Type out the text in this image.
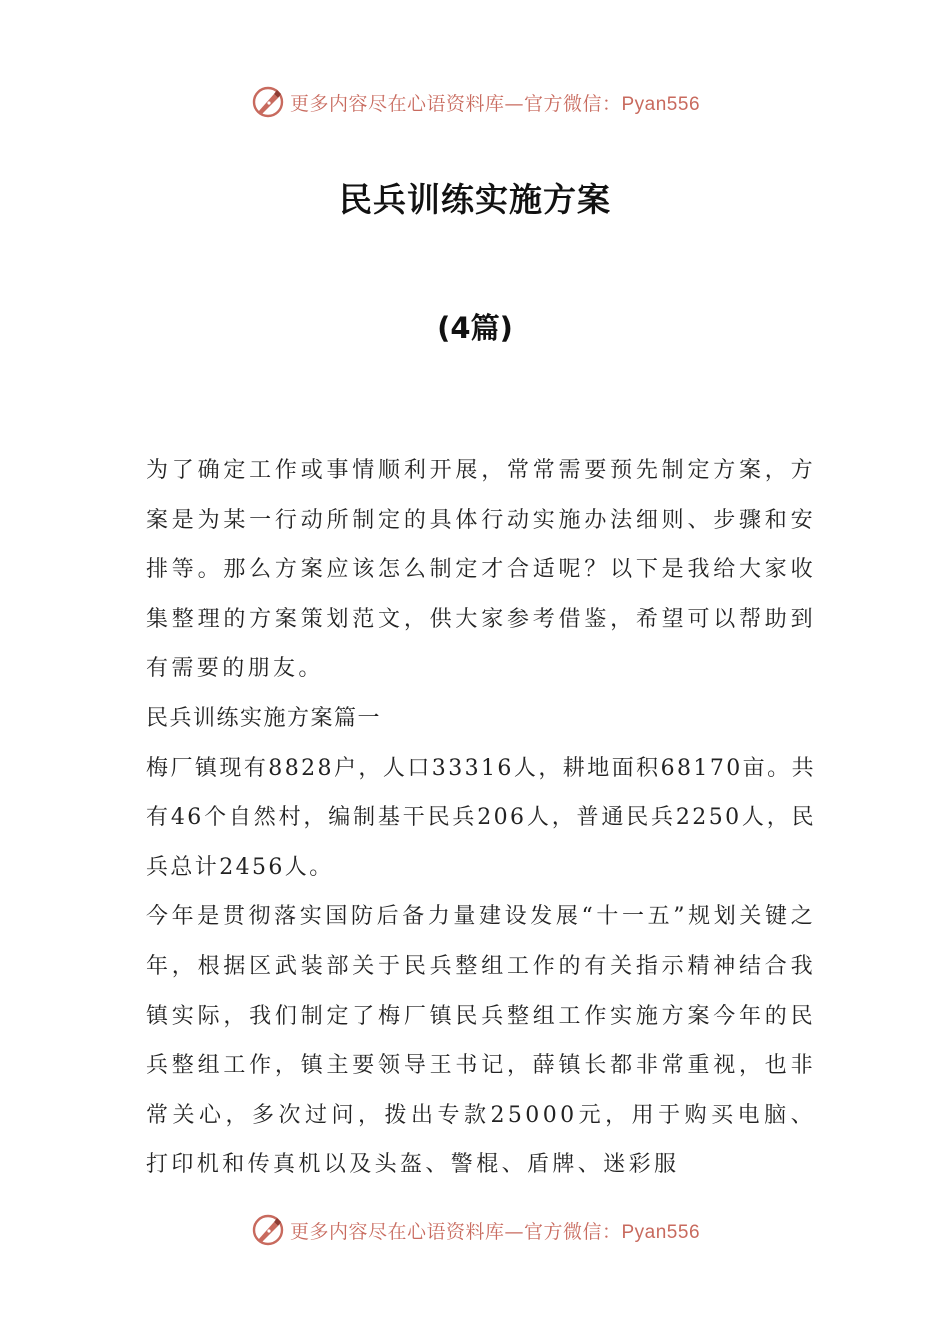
更多内容尽在心语资料库—官方微信：Pyan556
民兵训练实施方案
(4篇)

为了确定工作或事情顺利开展，常常需要预先制定方案，方案是为某一行动所制定的具体行动实施办法细则、步骤和安排等。那么方案应该怎么制定才合适呢？以下是我给大家收集整理的方案策划范文，供大家参考借鉴，希望可以帮助到有需要的朋友。

民兵训练实施方案篇一

梅厂镇现有8828户，人口33316人，耕地面积68170亩。共有46个自然村，编制基干民兵206人，普通民兵2250人，民兵总计2456人。

今年是贯彻落实国防后备力量建设发展“十一五”规划关键之年，根据区武装部关于民兵整组工作的有关指示精神结合我镇实际，我们制定了梅厂镇民兵整组工作实施方案今年的民兵整组工作，镇主要领导王书记，薛镇长都非常重视，也非常关心，多次过问，拨出专款25000元，用于购买电脑、打印机和传真机以及头盔、警棍、盾牌、迷彩服

更多内容尽在心语资料库—官方微信：Pyan556
